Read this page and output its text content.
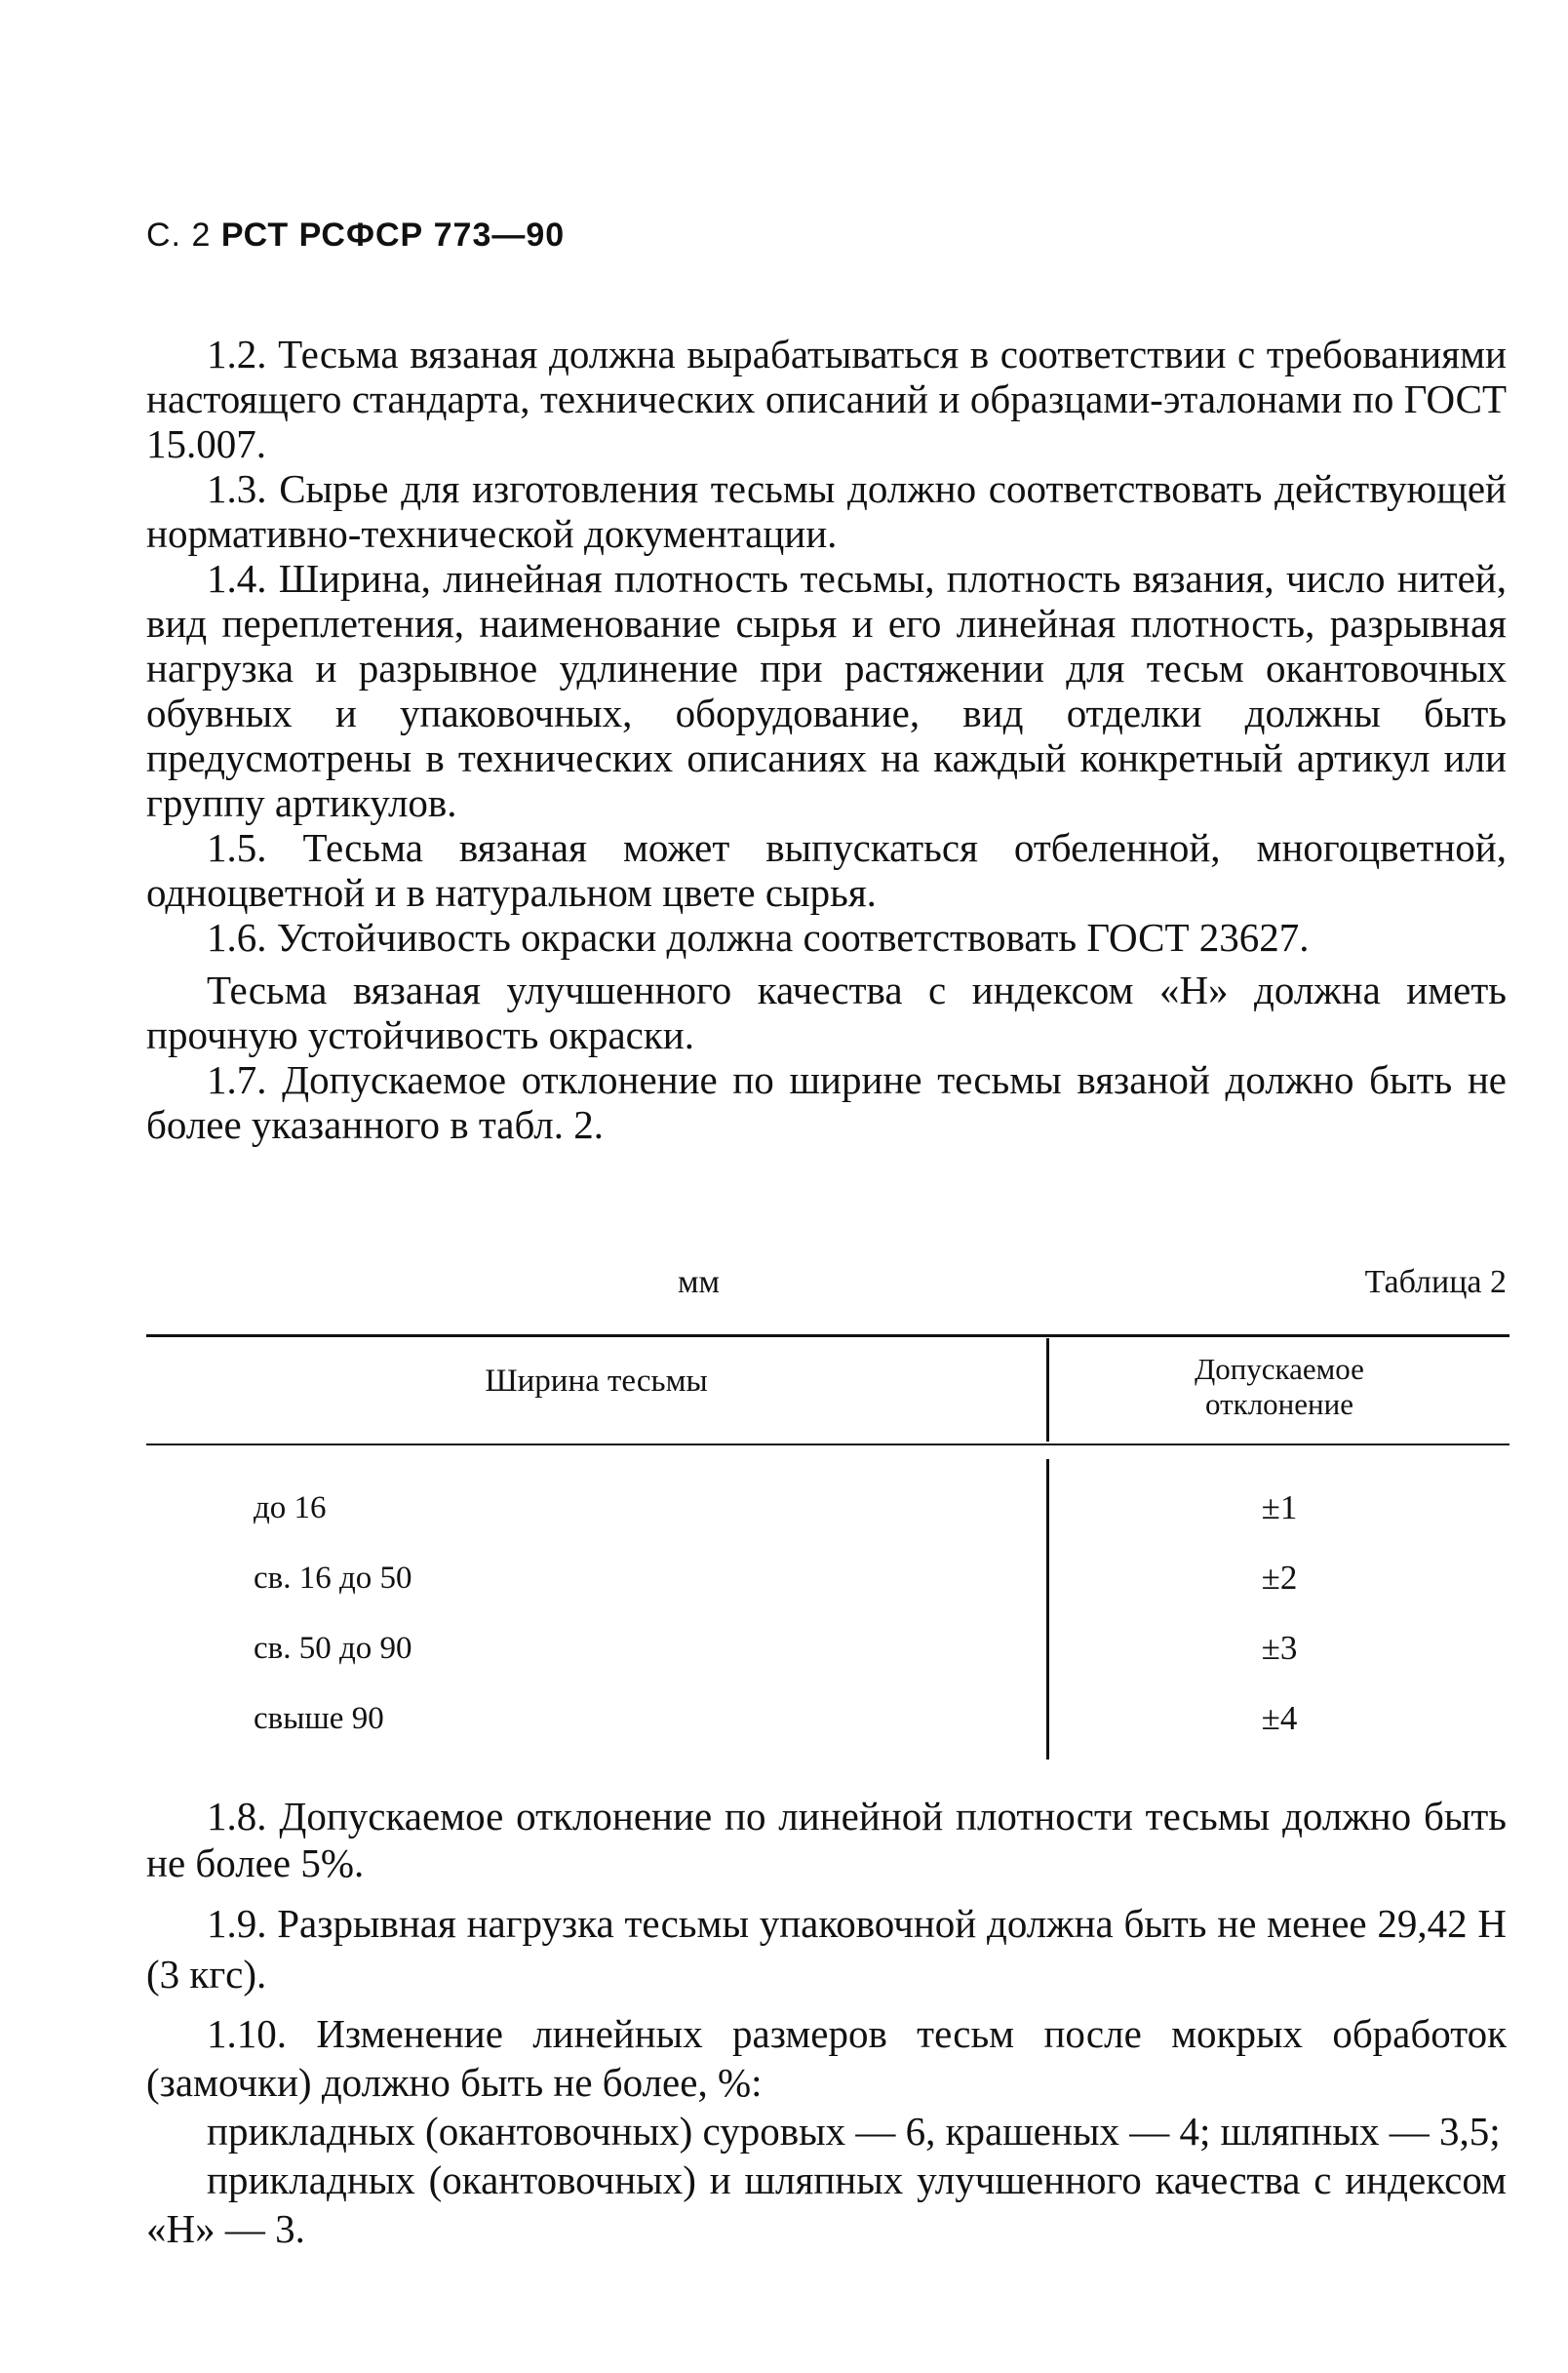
С. 2 РСТ РСФСР 773—90

1.2. Тесьма вязаная должна вырабатываться в соответствии с требованиями настоящего стандарта, технических описаний и образцами-эталонами по ГОСТ 15.007.

1.3. Сырье для изготовления тесьмы должно соответствовать действующей нормативно-технической документации.

1.4. Ширина, линейная плотность тесьмы, плотность вязания, число нитей, вид переплетения, наименование сырья и его линейная плотность, разрывная нагрузка и разрывное удлинение при растяжении для тесьм окантовочных обувных и упаковочных, оборудование, вид отделки должны быть предусмотрены в технических описаниях на каждый конкретный артикул или группу артикулов.

1.5. Тесьма вязаная может выпускаться отбеленной, многоцветной, одноцветной и в натуральном цвете сырья.

1.6. Устойчивость окраски должна соответствовать ГОСТ 23627.

Тесьма вязаная улучшенного качества с индексом «Н» должна иметь прочную устойчивость окраски.

1.7. Допускаемое отклонение по ширине тесьмы вязаной должно быть не более указанного в табл. 2.

мм	Таблица 2
Ширина тесьмы	Допускаемое
отклонение
до 16	±1
св. 16 до 50	±2
св. 50 до 90	±3
свыше 90	±4

1.8. Допускаемое отклонение по линейной плотности тесьмы должно быть не более 5%.

1.9. Разрывная нагрузка тесьмы упаковочной должна быть не менее 29,42 Н (3 кгс).

1.10. Изменение линейных размеров тесьм после мокрых обработок (замочки) должно быть не более, %:

прикладных (окантовочных) суровых — 6, крашеных — 4; шляпных — 3,5;

прикладных (окантовочных) и шляпных улучшенного качества с индексом «Н» — 3.
